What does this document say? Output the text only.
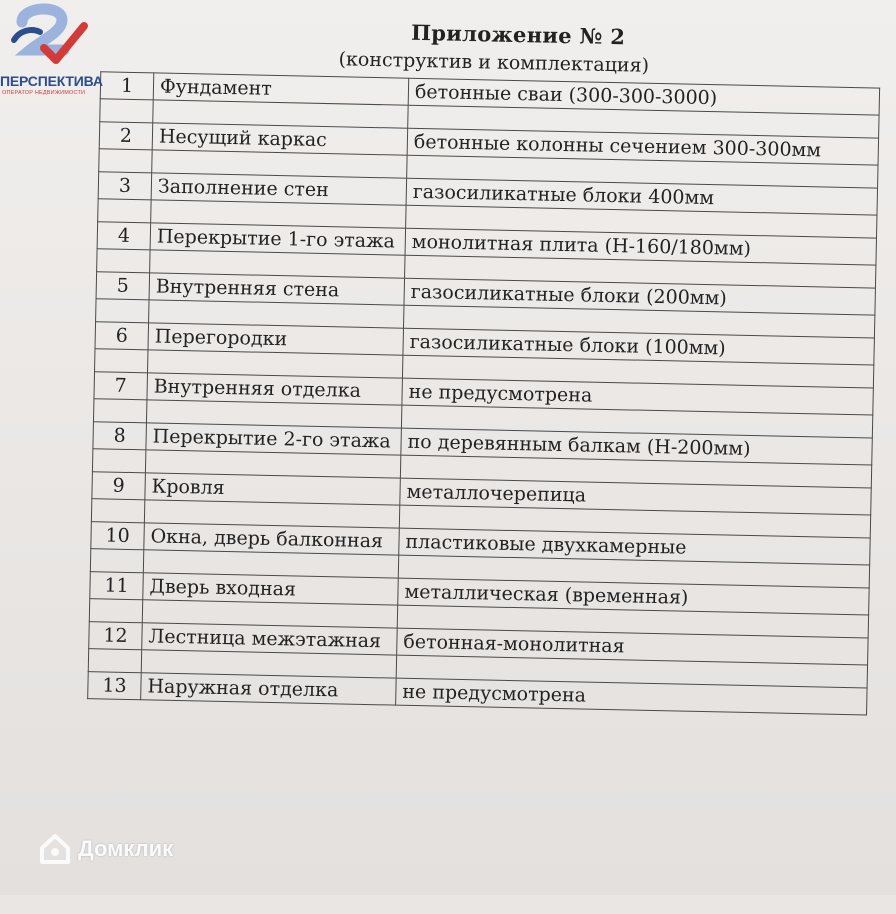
Приложение № 2
(конструктив и комплектация)
1	Фундамент	бетонные сваи (300-300-3000)

2	Несущий каркас	бетонные колонны сечением 300-300мм

3	Заполнение стен	газосиликатные блоки 400мм

4	Перекрытие 1-го этажа	монолитная плита (Н-160/180мм)

5	Внутренняя стена	газосиликатные блоки (200мм)

6	Перегородки	газосиликатные блоки (100мм)

7	Внутренняя отделка	не предусмотрена

8	Перекрытие 2-го этажа	по деревянным балкам (Н-200мм)

9	Кровля	металлочерепица

10	Окна, дверь балконная	пластиковые двухкамерные

11	Дверь входная	металлическая (временная)

12	Лестница межэтажная	бетонная-монолитная

13	Наружная отделка	не предусмотрена
ПЕРСПЕКТИВА
ОПЕРАТОР НЕДВИЖИМОСТИ
Домклик
